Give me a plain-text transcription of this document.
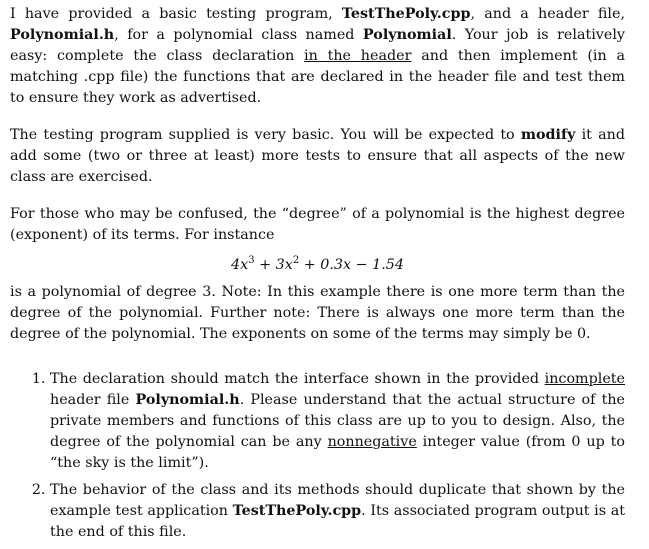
I have provided a basic testing program, TestThePoly.cpp, and a header file, Polynomial.h, for a polynomial class named Polynomial. Your job is relatively easy: complete the class declaration in the header and then implement (in a matching .cpp file) the functions that are declared in the header file and test them to ensure they work as advertised.

The testing program supplied is very basic. You will be expected to modify it and add some (two or three at least) more tests to ensure that all aspects of the new class are exercised.

For those who may be confused, the “degree” of a polynomial is the highest degree (exponent) of its terms. For instance

$4x^3 + 3x^2 + 0.3x - 1.54$

is a polynomial of degree 3. Note: In this example there is one more term than the degree of the polynomial. Further note: There is always one more term than the degree of the polynomial. The exponents on some of the terms may simply be 0.

1. The declaration should match the interface shown in the provided incomplete header file Polynomial.h. Please understand that the actual structure of the private members and functions of this class are up to you to design. Also, the degree of the polynomial can be any nonnegative integer value (from 0 up to “the sky is the limit”).
2. The behavior of the class and its methods should duplicate that shown by the example test application TestThePoly.cpp. Its associated program output is at the end of this file.
